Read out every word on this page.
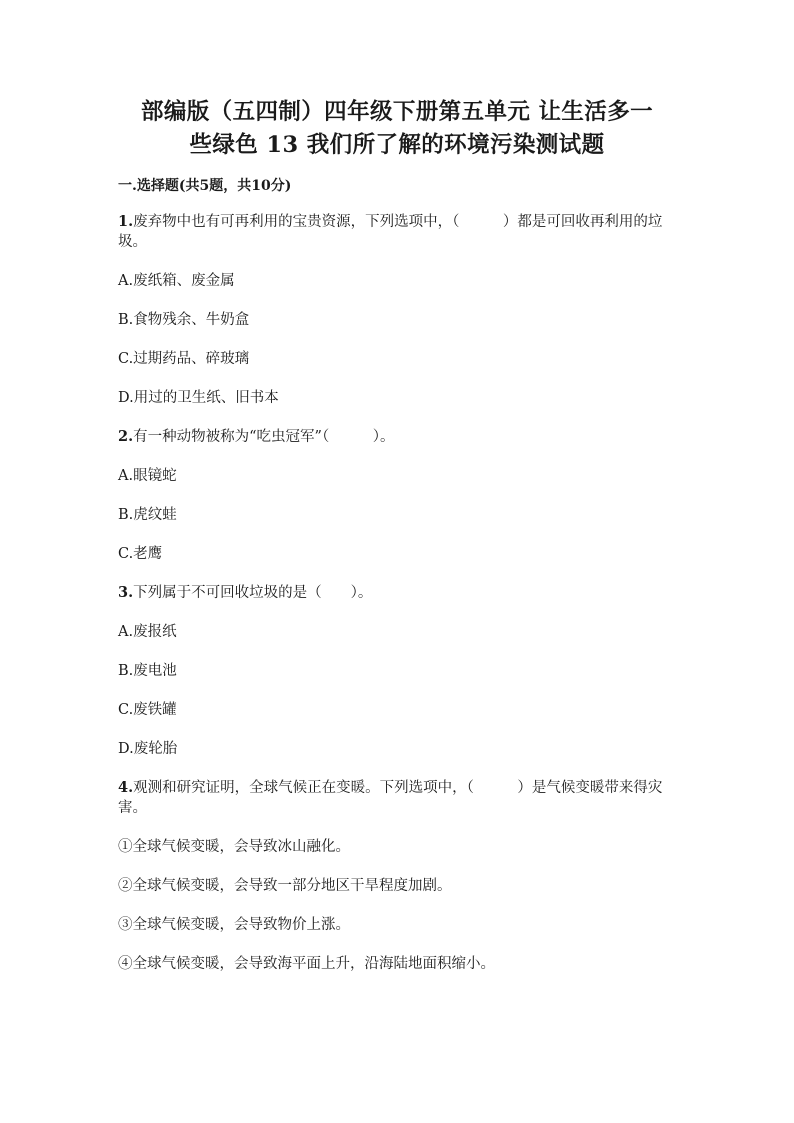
部编版（五四制）四年级下册第五单元 让生活多一
些绿色 13 我们所了解的环境污染测试题
一.选择题(共5题，共10分)
1.废弃物中也有可再利用的宝贵资源，下列选项中，（　　　）都是可回收再利用的垃圾。
A.废纸箱、废金属
B.食物残余、牛奶盒
C.过期药品、碎玻璃
D.用过的卫生纸、旧书本
2.有一种动物被称为“吃虫冠军”（　　　）。
A.眼镜蛇
B.虎纹蛙
C.老鹰
3.下列属于不可回收垃圾的是（　　）。
A.废报纸
B.废电池
C.废铁罐
D.废轮胎
4.观测和研究证明，全球气候正在变暖。下列选项中，（　　　）是气候变暖带来得灾害。
①全球气候变暖，会导致冰山融化。
②全球气候变暖，会导致一部分地区干旱程度加剧。
③全球气候变暖，会导致物价上涨。
④全球气候变暖，会导致海平面上升，沿海陆地面积缩小。
